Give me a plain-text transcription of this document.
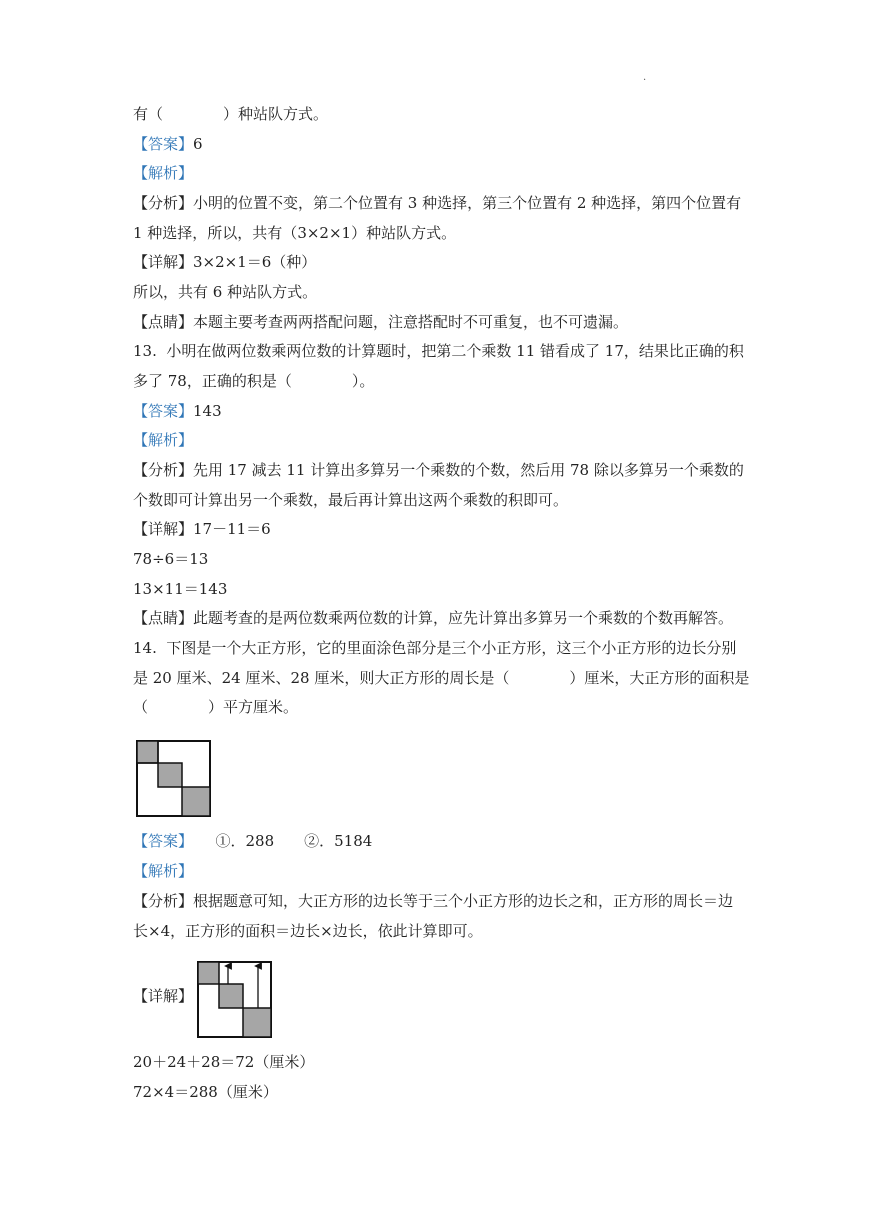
.
有（　　　　）种站队方式。
【答案】6
【解析】
【分析】小明的位置不变，第二个位置有 3 种选择，第三个位置有 2 种选择，第四个位置有
1 种选择，所以，共有（3×2×1）种站队方式。
【详解】3×2×1＝6（种）
所以，共有 6 种站队方式。
【点睛】本题主要考查两两搭配问题，注意搭配时不可重复，也不可遗漏。
13.  小明在做两位数乘两位数的计算题时，把第二个乘数 11 错看成了 17，结果比正确的积
多了 78，正确的积是（　　　　）。
【答案】143
【解析】
【分析】先用 17 减去 11 计算出多算另一个乘数的个数，然后用 78 除以多算另一个乘数的
个数即可计算出另一个乘数，最后再计算出这两个乘数的积即可。
【详解】17－11＝6
78÷6＝13
13×11＝143
【点睛】此题考查的是两位数乘两位数的计算，应先计算出多算另一个乘数的个数再解答。
14.  下图是一个大正方形，它的里面涂色部分是三个小正方形，这三个小正方形的边长分别
是 20 厘米、24 厘米、28 厘米，则大正方形的周长是（　　　　）厘米，大正方形的面积是
（　　　　）平方厘米。
【答案】　　①．288　　②．5184
【解析】
【分析】根据题意可知，大正方形的边长等于三个小正方形的边长之和，正方形的周长＝边
长×4，正方形的面积＝边长×边长，依此计算即可。
【详解】
20＋24＋28＝72（厘米）
72×4＝288（厘米）
